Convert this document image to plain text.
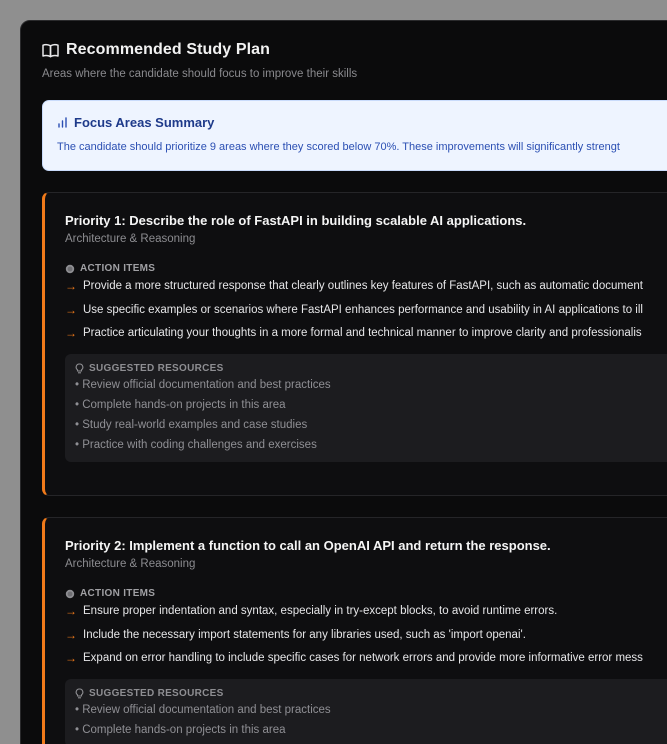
Recommended Study Plan
Areas where the candidate should focus to improve their skills
Focus Areas Summary
The candidate should prioritize 9 areas where they scored below 70%. These improvements will significantly strengt
Priority 1: Describe the role of FastAPI in building scalable AI applications.
Architecture & Reasoning
ACTION ITEMS
→ Provide a more structured response that clearly outlines key features of FastAPI, such as automatic document
→ Use specific examples or scenarios where FastAPI enhances performance and usability in AI applications to ill
→ Practice articulating your thoughts in a more formal and technical manner to improve clarity and professionalis
SUGGESTED RESOURCES
• Review official documentation and best practices
• Complete hands-on projects in this area
• Study real-world examples and case studies
• Practice with coding challenges and exercises
Priority 2: Implement a function to call an OpenAI API and return the response.
Architecture & Reasoning
ACTION ITEMS
→ Ensure proper indentation and syntax, especially in try-except blocks, to avoid runtime errors.
→ Include the necessary import statements for any libraries used, such as 'import openai'.
→ Expand on error handling to include specific cases for network errors and provide more informative error mess
SUGGESTED RESOURCES
• Review official documentation and best practices
• Complete hands-on projects in this area
